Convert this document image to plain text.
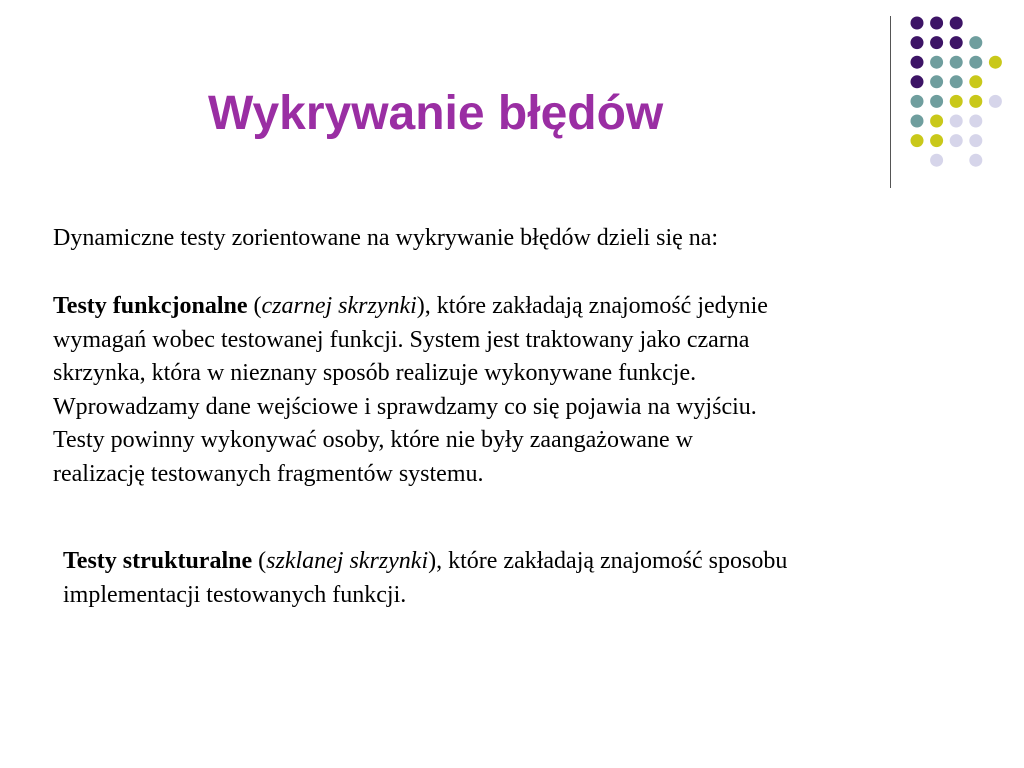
Wykrywanie błędów
Dynamiczne testy zorientowane na wykrywanie błędów dzieli się na:
Testy funkcjonalne (czarnej skrzynki), które zakładają znajomość jedynie
wymagań wobec testowanej funkcji. System jest traktowany jako czarna
skrzynka, która w nieznany sposób realizuje wykonywane funkcje.
Wprowadzamy dane wejściowe i sprawdzamy co się pojawia na wyjściu.
Testy powinny wykonywać osoby, które nie były zaangażowane w
realizację testowanych fragmentów systemu.
Testy strukturalne (szklanej skrzynki), które zakładają znajomość sposobu
implementacji testowanych funkcji.
